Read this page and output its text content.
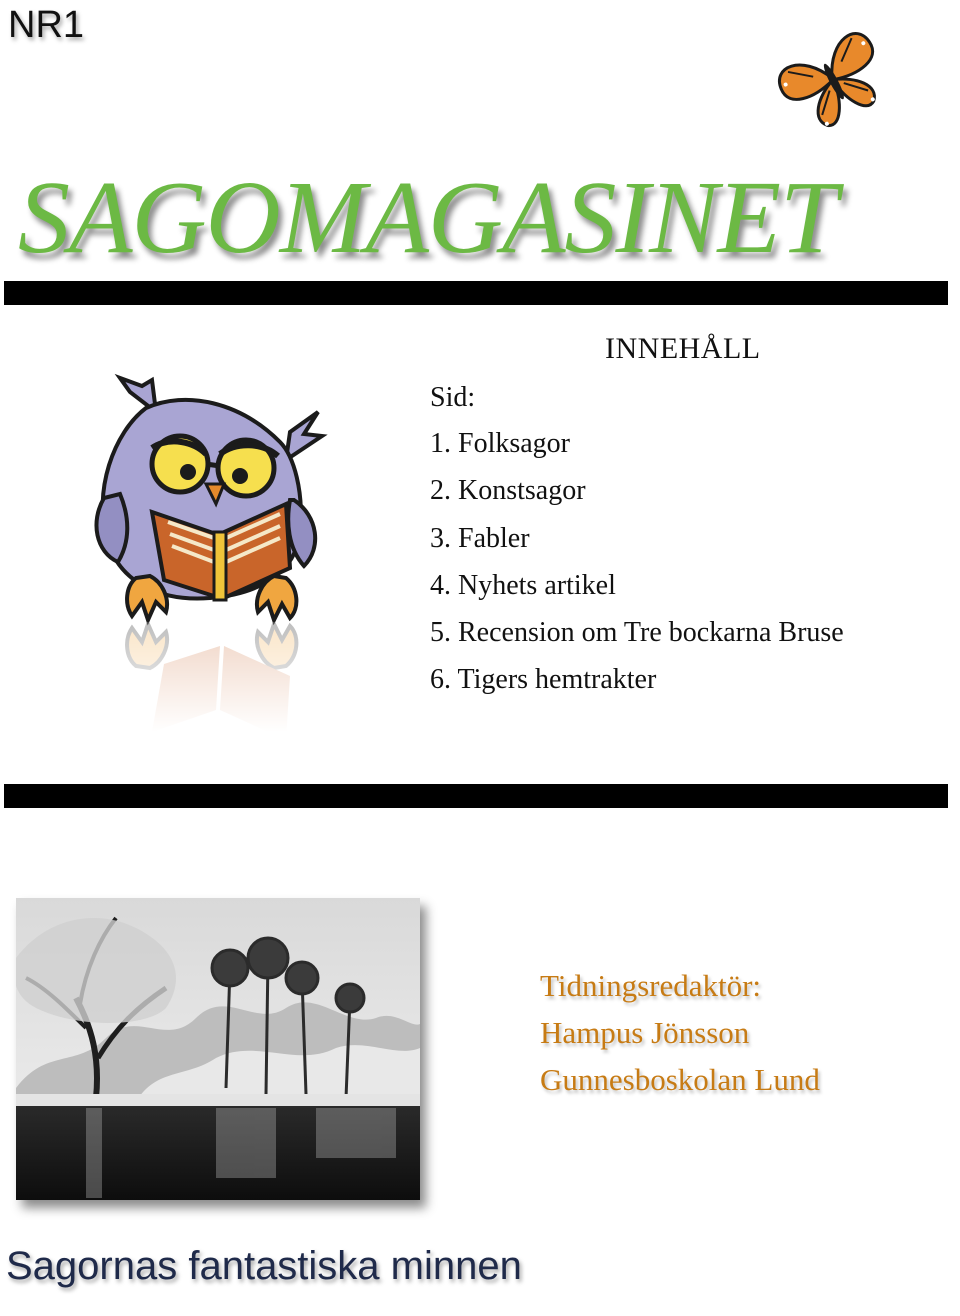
NR1
SAGOMAGASINET
INNEHÅLL
Sid:
1. Folksagor
2. Konstsagor
3. Fabler
4. Nyhets artikel
5. Recension om Tre bockarna Bruse
6. Tigers hemtrakter
Tidningsredaktör:
Hampus Jönsson
Gunnesboskolan Lund
Sagornas fantastiska minnen
